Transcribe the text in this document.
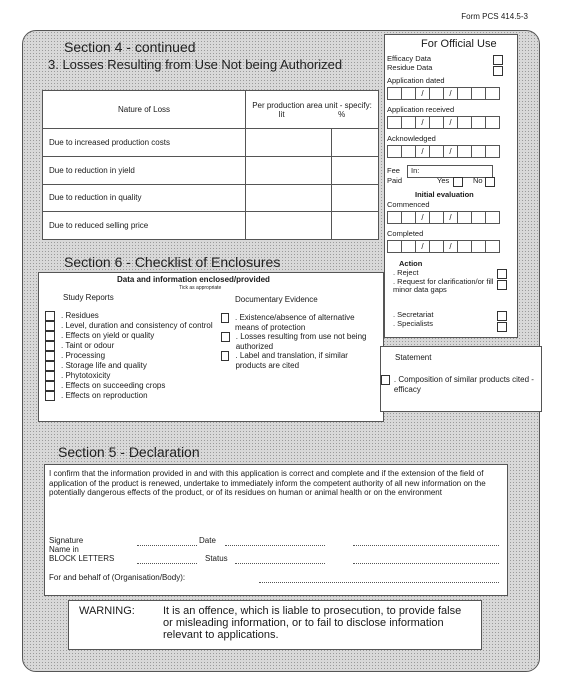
Form PCS 414.5-3
Section 4 - continued
3. Losses Resulting from Use Not being Authorized
Nature of Loss	Per production area unit - specify:
lit %	

Due to increased production costs		
Due to reduction in yield		
Due to reduction in quality		
Due to reduced selling price		
For Official Use
Efficacy Data
Residue Data
Application dated
/	/
Application received
/	/
Acknowledged
/	/
Fee In:
Paid	Yes	No
Initial evaluation
Commenced
/	/
Completed
/	/
Action
. Reject
. Request for clarification/or fill minor data gaps
. Secretariat
. Specialists
Section 6 - Checklist of Enclosures
Data and information enclosed/provided
Tick as appropriate
Study Reports	Documentary Evidence
. Residues
. Level, duration and consistency of control
. Effects on yield or quality
. Taint or odour
. Processing
. Storage life and quality
. Phytotoxicity
. Effects on succeeding crops
. Effects on reproduction
. Existence/absence of alternative means of protection
. Losses resulting from use not being authorized
. Label and translation, if similar products are cited
Statement
. Composition of similar products cited - efficacy
Section 5 - Declaration
I confirm that the information provided in and with this application is correct and complete and if the extension of the field of application of the product is renewed, undertake to immediately inform the competent authority of all new information on the potentially dangerous effects of the product, or of its residues on human or animal health or on the environment
Signature	Date
Name in
BLOCK LETTERS	Status
For and behalf of (Organisation/Body):
WARNING:	It is an offence, which is liable to prosecution, to provide false or misleading information, or to fail to disclose information relevant to applications.
